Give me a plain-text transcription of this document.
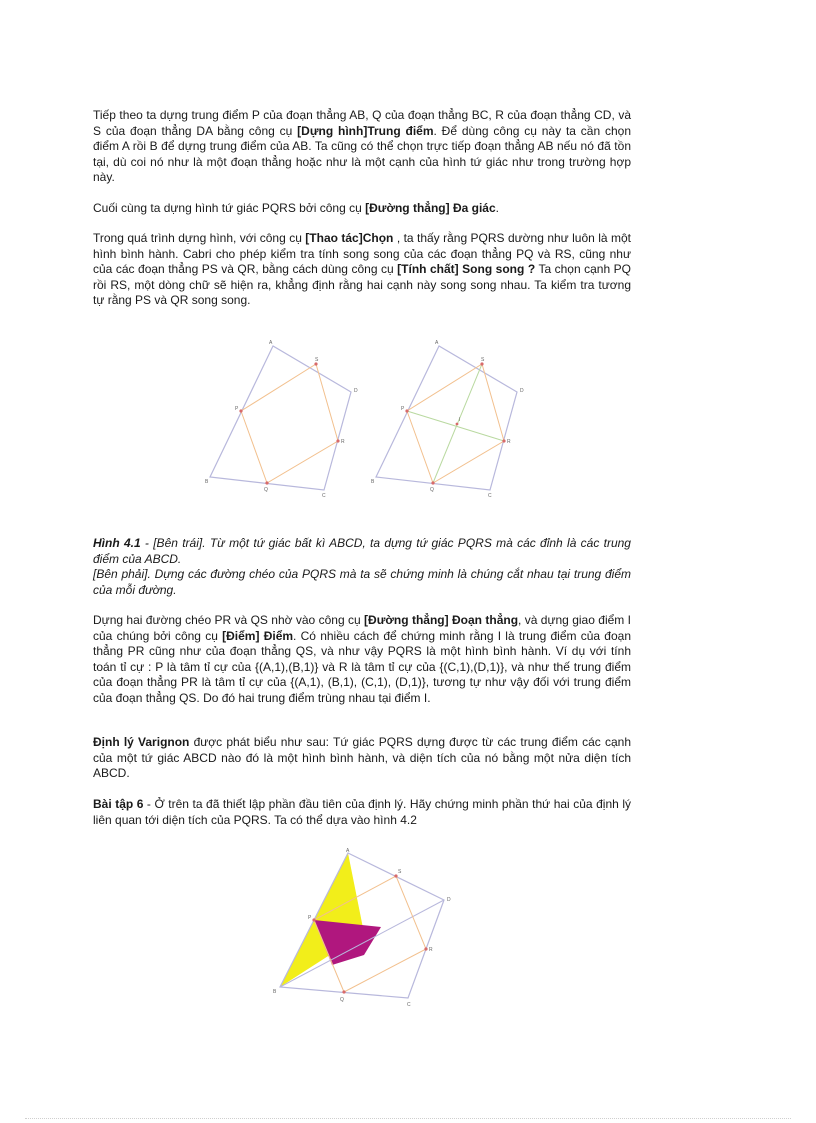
Tiếp theo ta dựng trung điểm P của đoạn thẳng AB, Q của đoạn thẳng BC, R của đoạn thẳng CD, và S của đoạn thẳng DA bằng công cụ [Dựng hình]Trung điểm. Để dùng công cụ này ta cần chọn điểm A rồi B để dựng trung điểm của AB. Ta cũng có thể chọn trực tiếp đoạn thẳng AB nếu nó đã tồn tại, dù coi nó như là một đoạn thẳng hoặc như là một cạnh của hình tứ giác như trong trường hợp này.
Cuối cùng ta dựng hình tứ giác PQRS bởi công cụ [Đường thẳng] Đa giác.
Trong quá trình dựng hình, với công cụ [Thao tác]Chọn , ta thấy rằng PQRS dường như luôn là một hình bình hành. Cabri cho phép kiểm tra tính song song của các đoạn thẳng PQ và RS, cũng như của các đoạn thẳng PS và QR, bằng cách dùng công cụ [Tính chất] Song song ? Ta chọn cạnh PQ rồi RS, một dòng chữ sẽ hiện ra, khẳng định rằng hai cạnh này song song nhau. Ta kiểm tra tương tự rằng PS và QR song song.
A
B
C
D
P
Q
R
S
A
B
C
D
P
Q
R
S
I
Hình 4.1 - [Bên trái]. Từ một tứ giác bất kì ABCD, ta dựng tứ giác PQRS mà các đỉnh là các trung điểm của ABCD.
[Bên phải]. Dựng các đường chéo của PQRS mà ta sẽ chứng minh là chúng cắt nhau tại trung điểm của mỗi đường.
Dựng hai đường chéo PR và QS nhờ vào công cụ [Đường thẳng] Đoạn thẳng, và dựng giao điểm I của chúng bởi công cụ [Điểm] Điểm. Có nhiều cách để chứng minh rằng I là trung điểm của đoạn thẳng PR cũng như của đoạn thẳng QS, và như vậy PQRS là một hình bình hành. Ví dụ với tính toán tỉ cự : P là tâm tỉ cự của {(A,1),(B,1)} và R là tâm tỉ cự của {(C,1),(D,1)}, và như thế trung điểm của đoạn thẳng PR là tâm tỉ cự của {(A,1), (B,1), (C,1), (D,1)}, tương tự như vậy đối với trung điểm của đoạn thẳng QS. Do đó hai trung điểm trùng nhau tại điểm I.
Định lý Varignon được phát biểu như sau: Tứ giác PQRS dựng được từ các trung điểm các cạnh của một tứ giác ABCD nào đó là một hình bình hành, và diện tích của nó bằng một nửa diện tích ABCD.
Bài tập 6 - Ở trên ta đã thiết lập phần đầu tiên của định lý. Hãy chứng minh phần thứ hai của định lý liên quan tới diện tích của PQRS. Ta có thể dựa vào hình 4.2
A
B
C
D
P
Q
R
S
